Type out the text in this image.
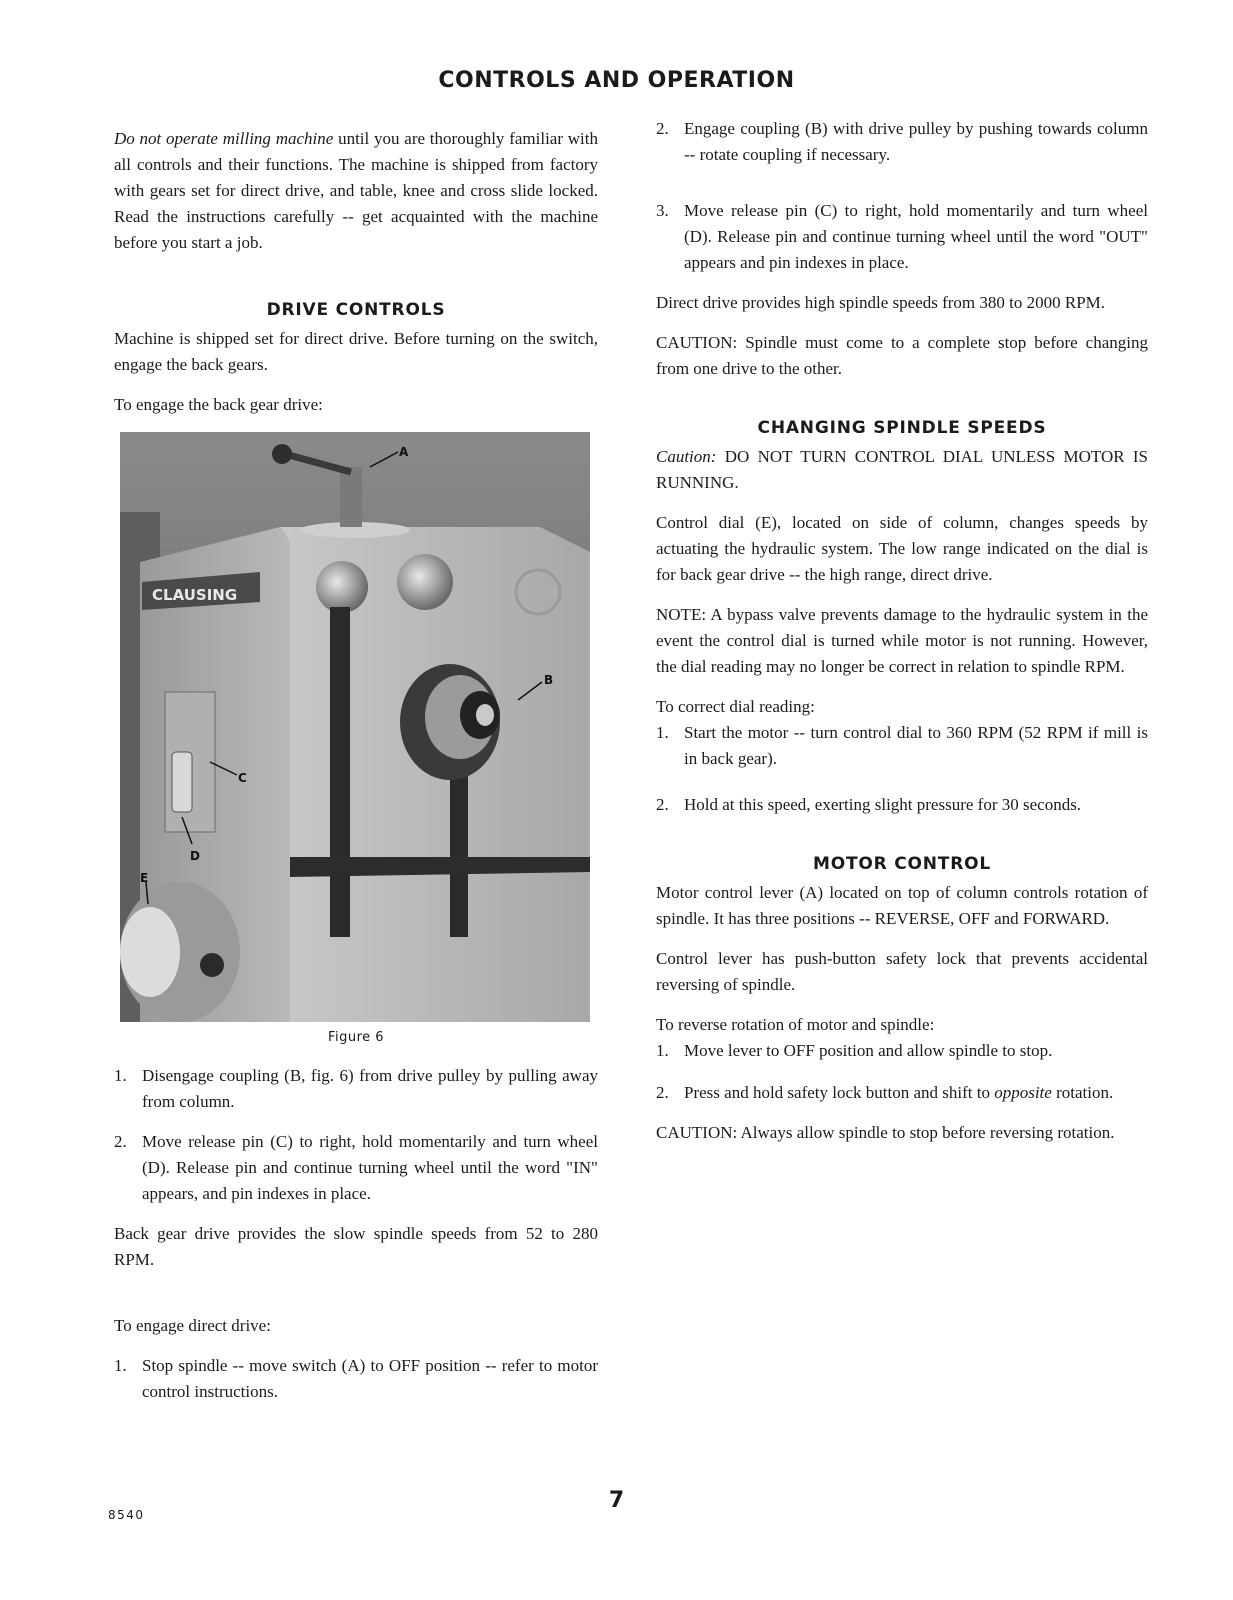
CONTROLS AND OPERATION

Do not operate milling machine until you are thoroughly familiar with all controls and their functions. The machine is shipped from factory with gears set for direct drive, and table, knee and cross slide locked. Read the instructions carefully -- get acquainted with the machine before you start a job.

DRIVE CONTROLS

Machine is shipped set for direct drive. Before turning on the switch, engage the back gears.

To engage the back gear drive:

CLAUSING
A
B
C
D
E
Figure 6
1. Disengage coupling (B, fig. 6) from drive pulley by pulling away from column.
2. Move release pin (C) to right, hold momentarily and turn wheel (D). Release pin and continue turning wheel until the word "IN" appears, and pin indexes in place.

Back gear drive provides the slow spindle speeds from 52 to 280 RPM.

To engage direct drive:

1. Stop spindle -- move switch (A) to OFF position -- refer to motor control instructions.
2. Engage coupling (B) with drive pulley by pushing towards column -- rotate coupling if necessary.
3. Move release pin (C) to right, hold momentarily and turn wheel (D). Release pin and continue turning wheel until the word "OUT" appears and pin indexes in place.

Direct drive provides high spindle speeds from 380 to 2000 RPM.

CAUTION: Spindle must come to a complete stop before changing from one drive to the other.

CHANGING SPINDLE SPEEDS

Caution: DO NOT TURN CONTROL DIAL UNLESS MOTOR IS RUNNING.

Control dial (E), located on side of column, changes speeds by actuating the hydraulic system. The low range indicated on the dial is for back gear drive -- the high range, direct drive.

NOTE: A bypass valve prevents damage to the hydraulic system in the event the control dial is turned while motor is not running. However, the dial reading may no longer be correct in relation to spindle RPM.

To correct dial reading:

1. Start the motor -- turn control dial to 360 RPM (52 RPM if mill is in back gear).
2. Hold at this speed, exerting slight pressure for 30 seconds.
MOTOR CONTROL

Motor control lever (A) located on top of column controls rotation of spindle. It has three positions -- REVERSE, OFF and FORWARD.

Control lever has push-button safety lock that prevents accidental reversing of spindle.

To reverse rotation of motor and spindle:

1. Move lever to OFF position and allow spindle to stop.
2. Press and hold safety lock button and shift to opposite rotation.

CAUTION: Always allow spindle to stop before reversing rotation.

7
8540
